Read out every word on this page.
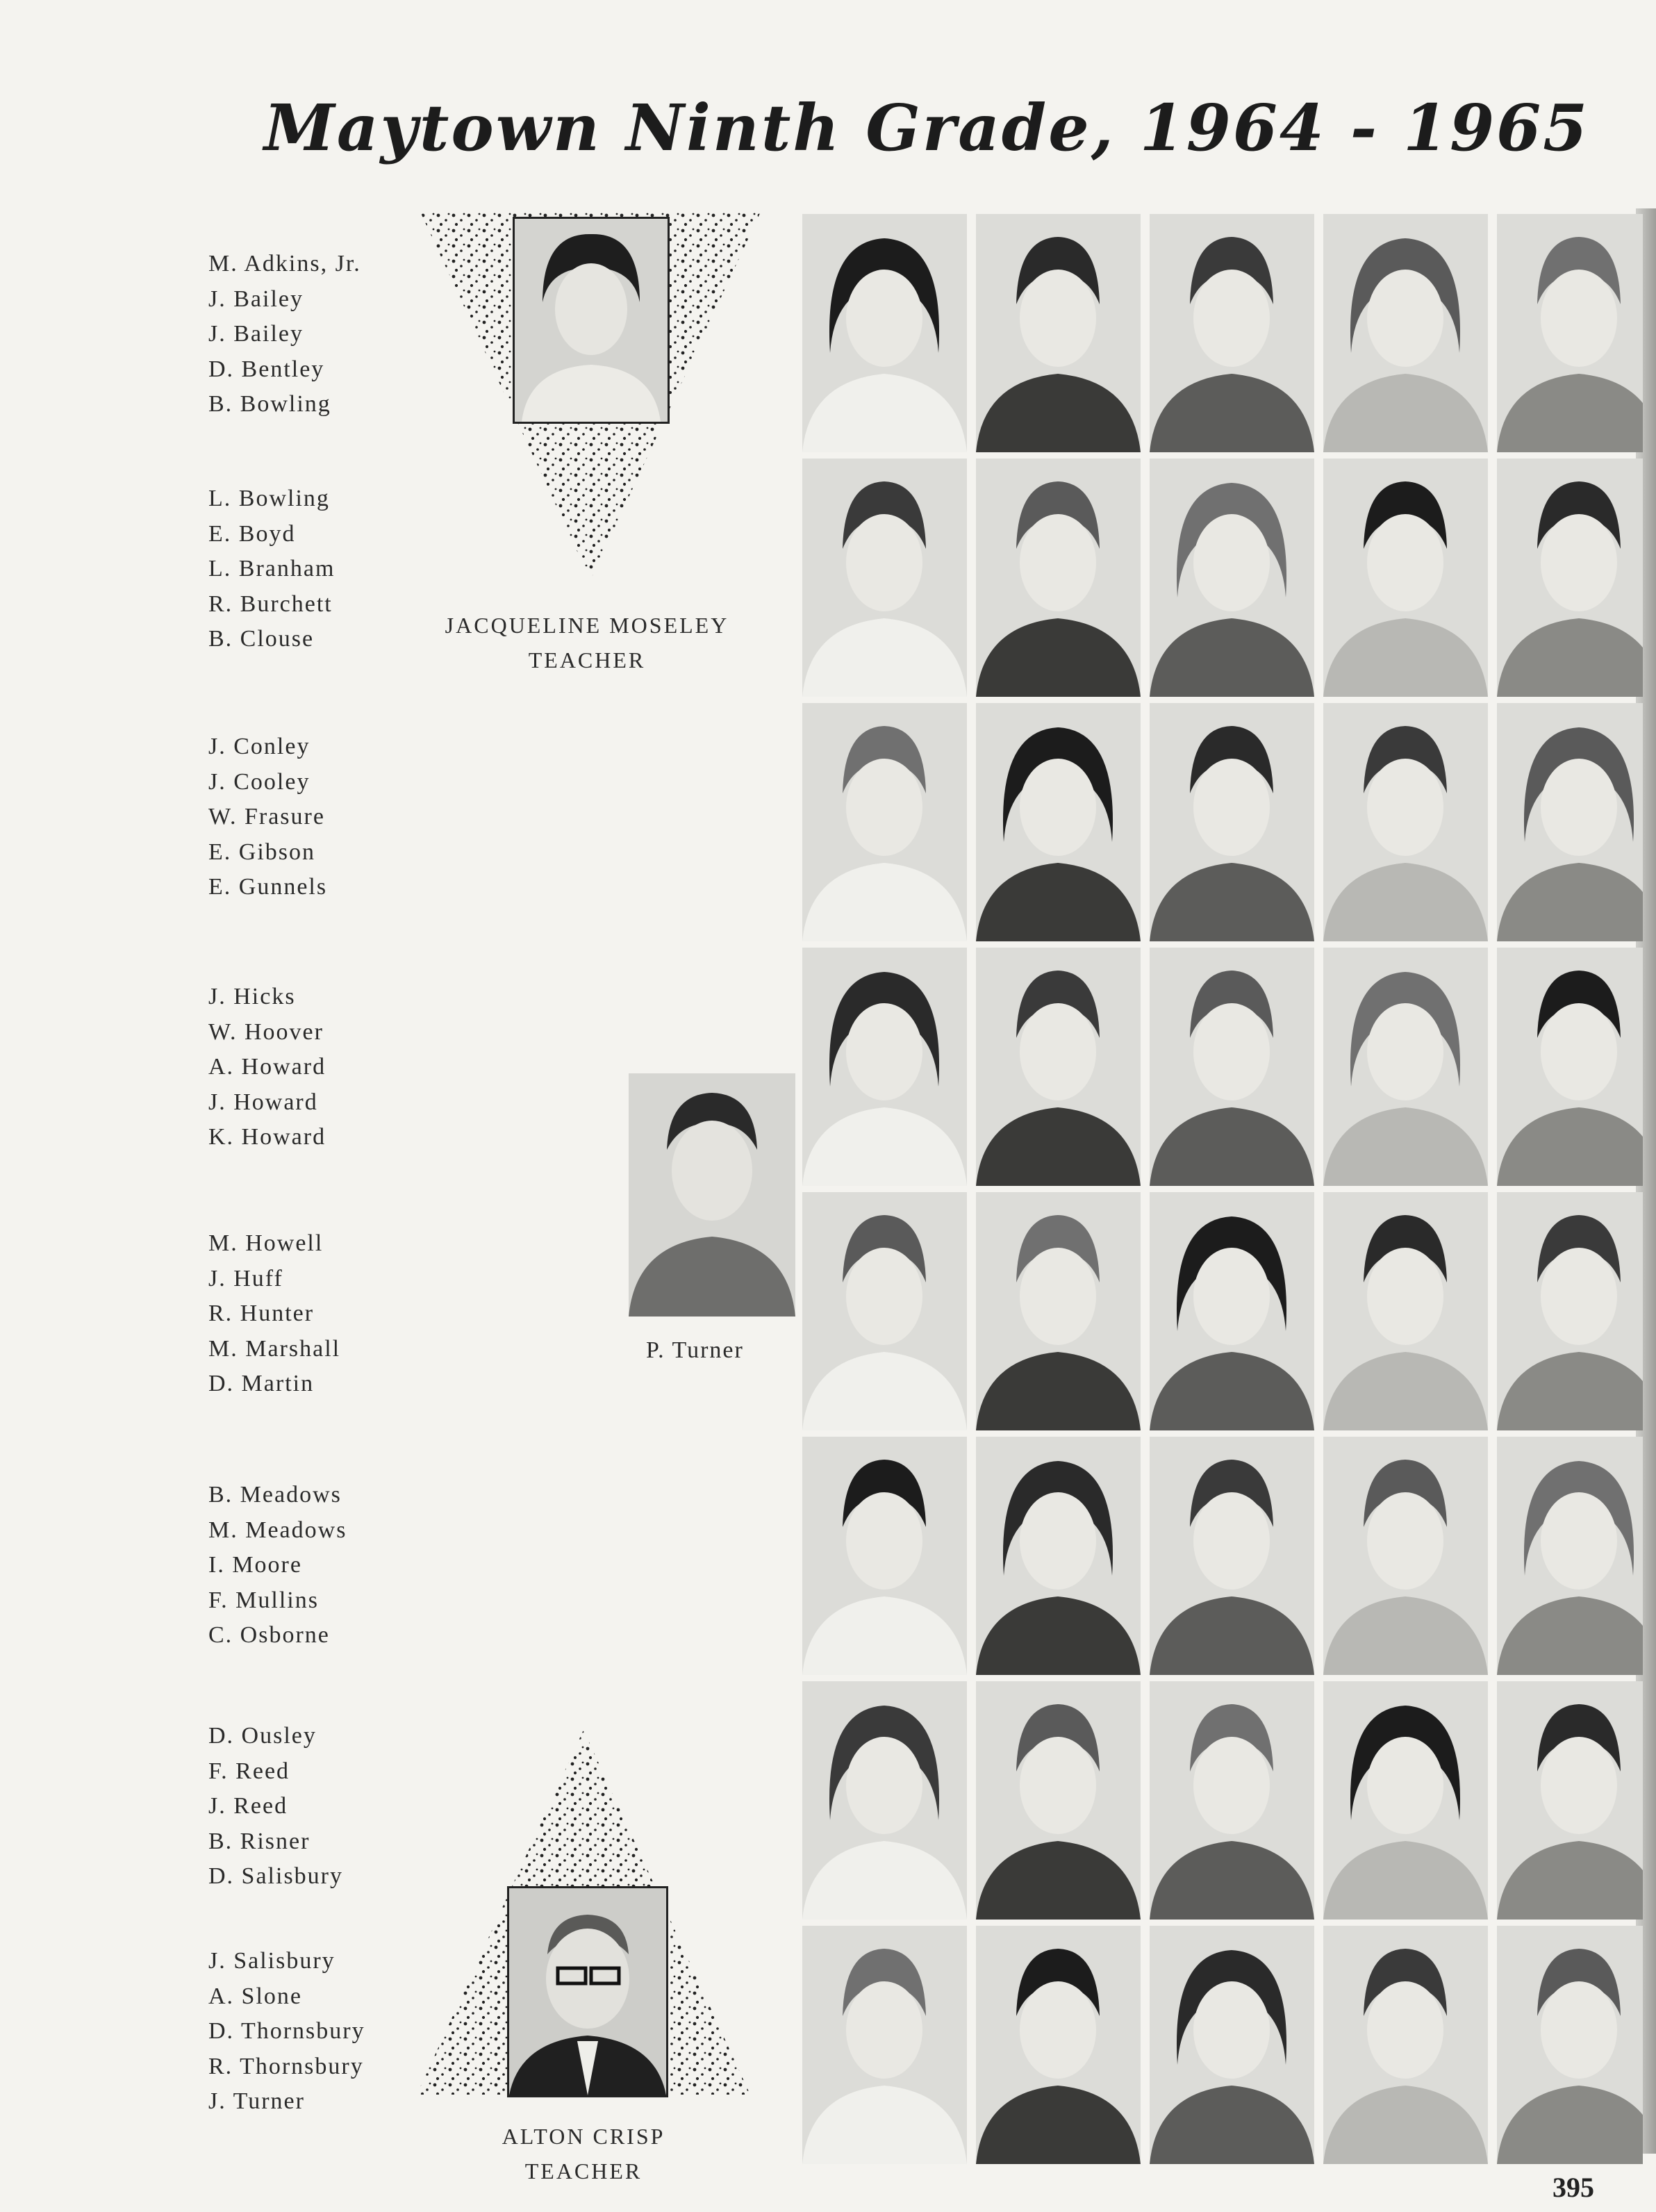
Maytown Ninth Grade, 1964 - 1965
M. Adkins, Jr.
J. Bailey
J. Bailey
D. Bentley
B. Bowling
L. Bowling
E. Boyd
L. Branham
R. Burchett
B. Clouse
J. Conley
J. Cooley
W. Frasure
E. Gibson
E. Gunnels
J. Hicks
W. Hoover
A. Howard
J. Howard
K. Howard
M. Howell
J. Huff
R. Hunter
M. Marshall
D. Martin
B. Meadows
M. Meadows
I. Moore
F. Mullins
C. Osborne
D. Ousley
F. Reed
J. Reed
B. Risner
D. Salisbury
J. Salisbury
A. Slone
D. Thornsbury
R. Thornsbury
J. Turner
JACQUELINE MOSELEY
TEACHER
ALTON CRISP
TEACHER
P. Turner
395
